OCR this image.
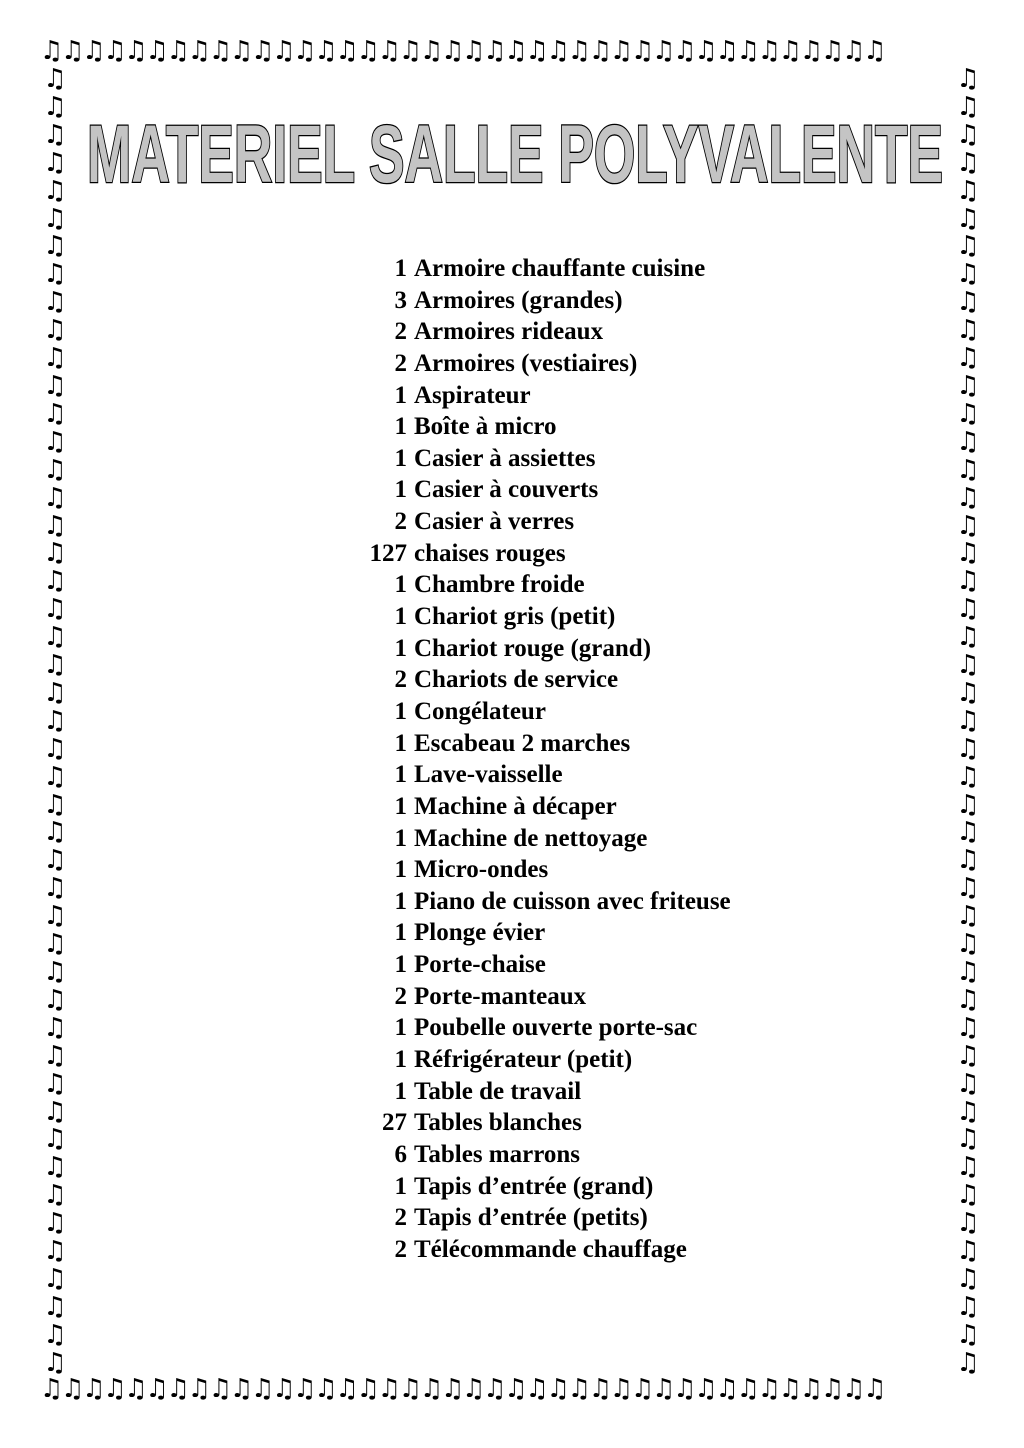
♫♫♫♫♫♫♫♫♫♫♫♫♫♫♫♫♫♫♫♫♫♫♫♫♫♫♫♫♫♫♫♫♫♫♫♫♫♫♫♫
♫
♫
♫
♫
♫
♫
♫
♫
♫
♫
♫
♫
♫
♫
♫
♫
♫
♫
♫
♫
♫
♫
♫
♫
♫
♫
♫
♫
♫
♫
♫
♫
♫
♫
♫
♫
♫
♫
♫
♫
♫
♫
♫
♫
♫
♫
♫
♫
♫
♫
♫
♫
♫
♫
♫
♫
♫
♫
♫
♫
♫
♫
♫
♫
♫
♫
♫
♫
♫
♫
♫
♫
♫
♫
♫
♫
♫
♫
♫
♫
♫
♫
♫
♫
♫
♫
♫
♫
♫
♫
♫
♫
♫
♫
♫♫♫♫♫♫♫♫♫♫♫♫♫♫♫♫♫♫♫♫♫♫♫♫♫♫♫♫♫♫♫♫♫♫♫♫♫♫♫♫
MATERIEL SALLE POLYVALENTE
1 Armoire chauffante cuisine
3 Armoires (grandes)
2 Armoires rideaux
2 Armoires (vestiaires)
1 Aspirateur
1 Boîte à micro
1 Casier à assiettes
1 Casier à couverts
2 Casier à verres
127 chaises rouges
1 Chambre froide
1 Chariot gris (petit)
1 Chariot rouge (grand)
2 Chariots de service
1 Congélateur
1 Escabeau 2 marches
1 Lave-vaisselle
1 Machine à décaper
1 Machine de nettoyage
1 Micro-ondes
1 Piano de cuisson avec friteuse
1 Plonge évier
1 Porte-chaise
2 Porte-manteaux
1 Poubelle ouverte porte-sac
1 Réfrigérateur (petit)
1 Table de travail
27 Tables blanches
6 Tables marrons
1 Tapis d’entrée (grand)
2 Tapis d’entrée (petits)
2 Télécommande chauffage
